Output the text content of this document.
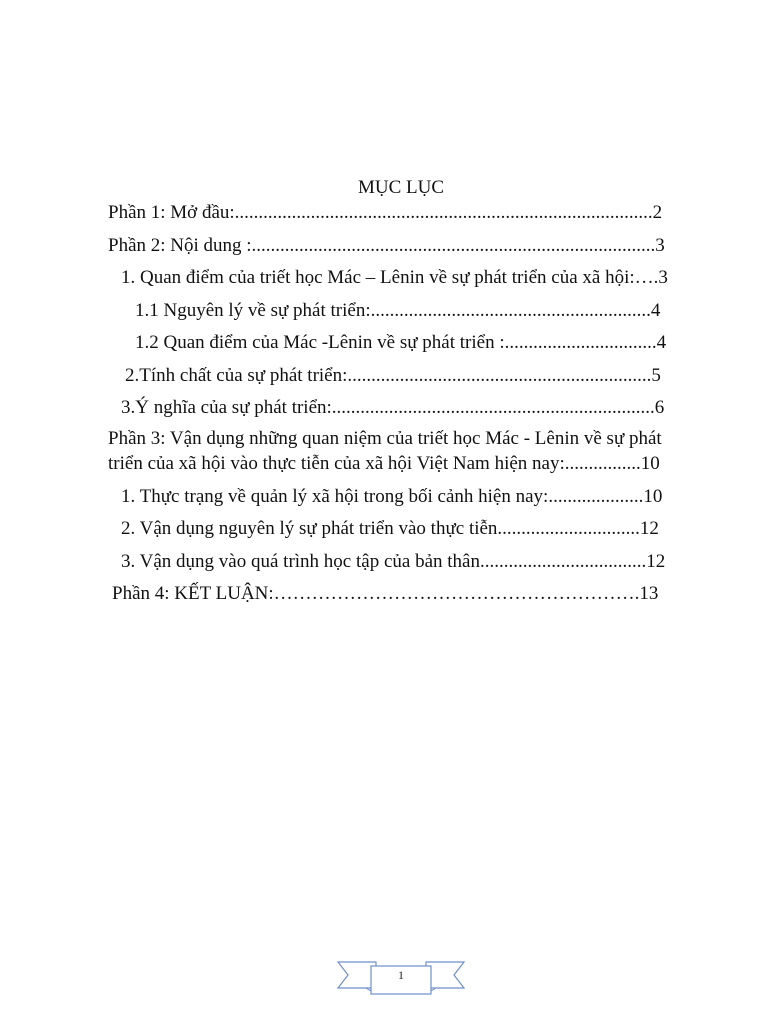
MỤC LỤC
Phần 1: Mở đầu:........................................................................................2
Phần 2: Nội dung :.....................................................................................3
1. Quan điểm của triết học Mác – Lênin về sự phát triển của xã hội:….3
1.1 Nguyên lý về sự phát triển:...........................................................4
1.2 Quan điểm của Mác -Lênin về sự phát triển :................................4
2.Tính chất của sự phát triển:................................................................5
3.Ý nghĩa của sự phát triển:....................................................................6
Phần 3: Vận dụng những quan niệm của triết học Mác - Lênin về sự phát
triển của xã hội vào thực tiễn của xã hội Việt Nam hiện nay:................10
1. Thực trạng về quản lý xã hội trong bối cảnh hiện nay:....................10
2. Vận dụng nguyên lý sự phát triển vào thực tiễn..............................12
3. Vận dụng vào quá trình học tập của bản thân...................................12
Phần 4: KẾT LUẬN:………………………………………………….13
1
